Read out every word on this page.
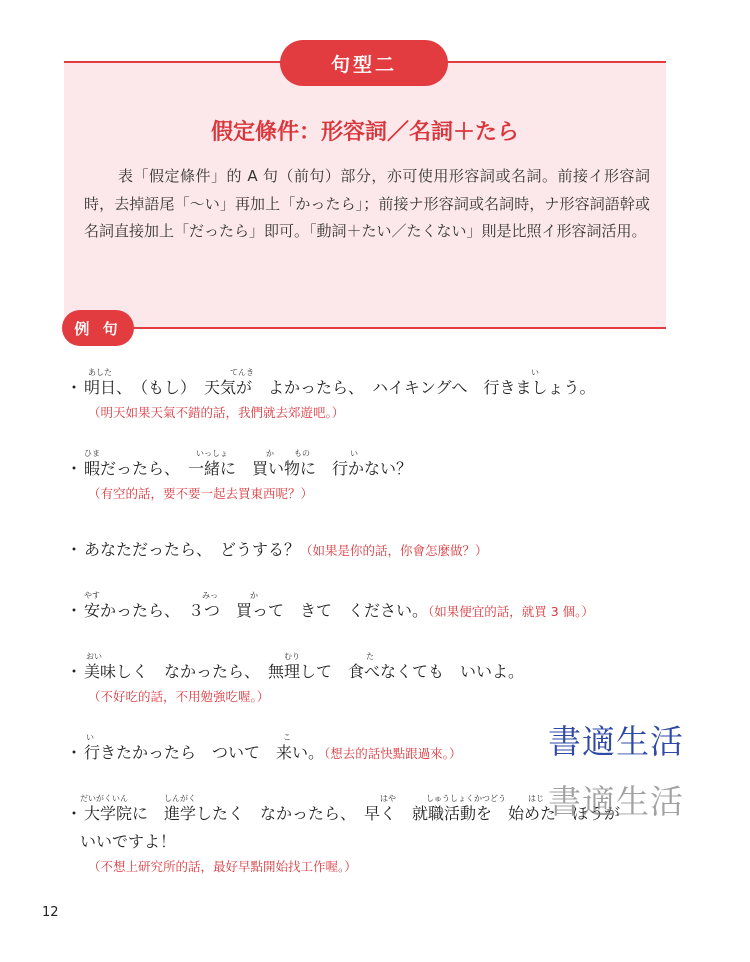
假定條件：形容詞／名詞＋たら
表「假定條件」的 A 句（前句）部分，亦可使用形容詞或名詞。前接イ形容詞時，去掉語尾「～い」再加上「かったら」；前接ナ形容詞或名詞時，ナ形容詞語幹或名詞直接加上「だったら」即可。「動詞＋たい／たくない」則是比照イ形容詞活用。
句型二
例 句
あした	てんき	い
・ 明日、　（もし）　天気が　よかったら、　ハイキングへ　行きましょう。
（明天如果天氣不錯的話，我們就去郊遊吧。）
ひま	いっしょ	か	もの	い
・ 暇だったら、　一緒に　買い物に　行かない？
（有空的話，要不要一起去買東西呢？）
・ あなただったら、　どうする？（如果是你的話，你會怎麼做？）
やす	みっ	か
・ 安かったら、　３つ　買って　きて　ください。（如果便宜的話，就買 3 個。）
おい	むり	た
・ 美味しく　なかったら、　無理して　食べなくても　いいよ。
（不好吃的話，不用勉強吃喔。）
い	こ
・ 行きたかったら　ついて　来い。（想去的話快點跟過來。）
だいがくいん	しんがく	はや	しゅうしょくかつどう	はじ
・ 大学院に　進学したく　なかったら、　早く　就職活動を　始めた　ほうが
いいですよ！
（不想上研究所的話，最好早點開始找工作喔。）
書適生活
書適生活
12
